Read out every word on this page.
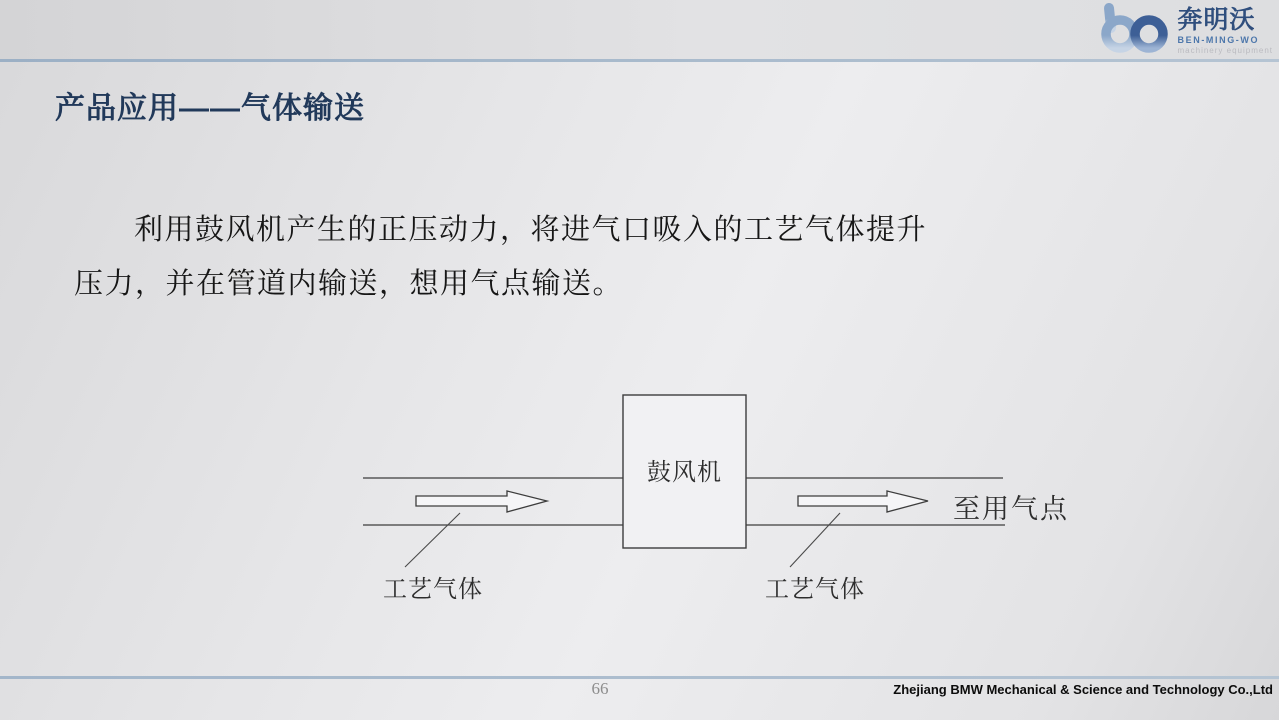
奔明沃
BEN-MING-WO
machinery equipment
产品应用——气体输送
利用鼓风机产生的正压动力，将进气口吸入的工艺气体提升
压力，并在管道内输送，想用气点输送。
鼓风机
至用气点
工艺气体	工艺气体
66	Zhejiang BMW Mechanical & Science and Technology Co.,Ltd
